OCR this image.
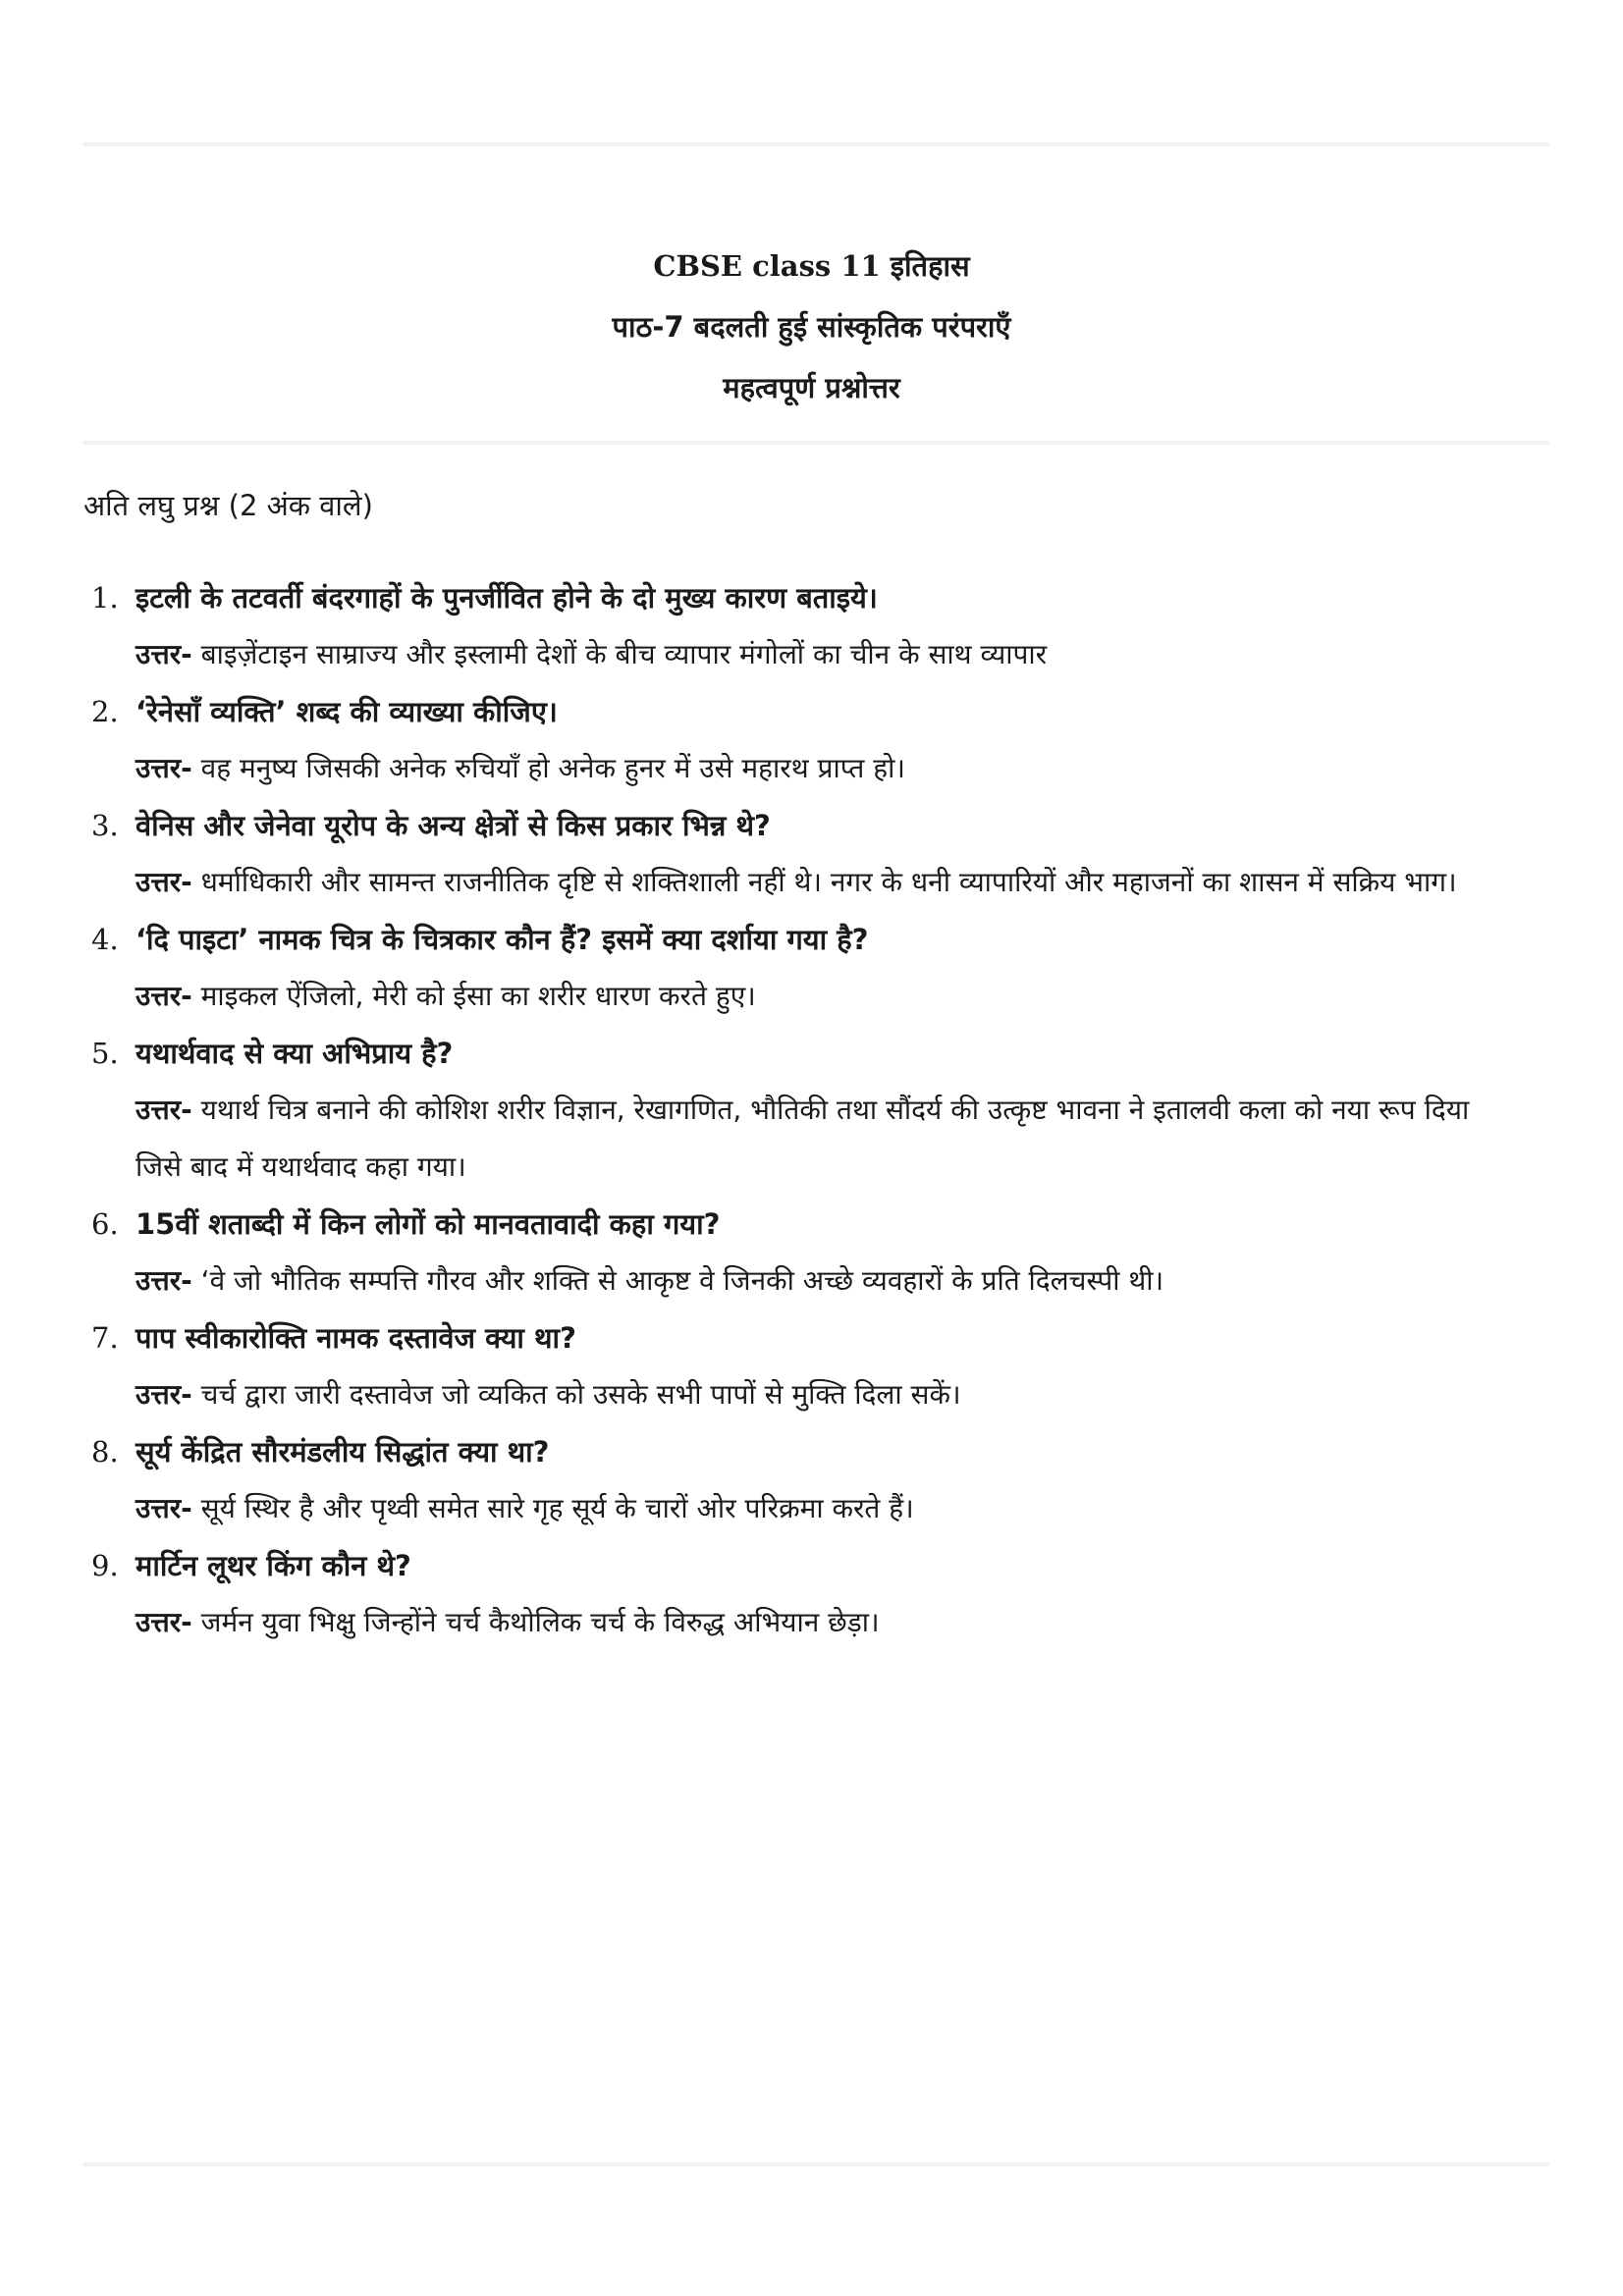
CBSE class 11 इतिहास
पाठ-7 बदलती हुई सांस्कृतिक परंपराएँ
महत्वपूर्ण प्रश्नोत्तर
अति लघु प्रश्न (2 अंक वाले)
1. इटली के तटवर्ती बंदरगाहों के पुनर्जीवित होने के दो मुख्य कारण बताइये।
उत्तर- बाइज़ेंटाइन साम्राज्य और इस्लामी देशों के बीच व्यापार मंगोलों का चीन के साथ व्यापार
2. ‘रेनेसाँ व्यक्ति’ शब्द की व्याख्या कीजिए।
उत्तर- वह मनुष्य जिसकी अनेक रुचियाँ हो अनेक हुनर में उसे महारथ प्राप्त हो।
3. वेनिस और जेनेवा यूरोप के अन्य क्षेत्रों से किस प्रकार भिन्न थे?
उत्तर- धर्माधिकारी और सामन्त राजनीतिक दृष्टि से शक्तिशाली नहीं थे। नगर के धनी व्यापारियों और महाजनों का शासन में सक्रिय भाग।
4. ‘दि पाइटा’ नामक चित्र के चित्रकार कौन हैं? इसमें क्या दर्शाया गया है?
उत्तर- माइकल ऐंजिलो, मेरी को ईसा का शरीर धारण करते हुए।
5. यथार्थवाद से क्या अभिप्राय है?
उत्तर- यथार्थ चित्र बनाने की कोशिश शरीर विज्ञान, रेखागणित, भौतिकी तथा सौंदर्य की उत्कृष्ट भावना ने इतालवी कला को नया रूप दिया जिसे बाद में यथार्थवाद कहा गया।
6. 15वीं शताब्दी में किन लोगों को मानवतावादी कहा गया?
उत्तर- ‘वे जो भौतिक सम्पत्ति गौरव और शक्ति से आकृष्ट वे जिनकी अच्छे व्यवहारों के प्रति दिलचस्पी थी।
7. पाप स्वीकारोक्ति नामक दस्तावेज क्या था?
उत्तर- चर्च द्वारा जारी दस्तावेज जो व्यकित को उसके सभी पापों से मुक्ति दिला सकें।
8. सूर्य केंद्रित सौरमंडलीय सिद्धांत क्या था?
उत्तर- सूर्य स्थिर है और पृथ्वी समेत सारे गृह सूर्य के चारों ओर परिक्रमा करते हैं।
9. मार्टिन लूथर किंग कौन थे?
उत्तर- जर्मन युवा भिक्षु जिन्होंने चर्च कैथोलिक चर्च के विरुद्ध अभियान छेड़ा।
